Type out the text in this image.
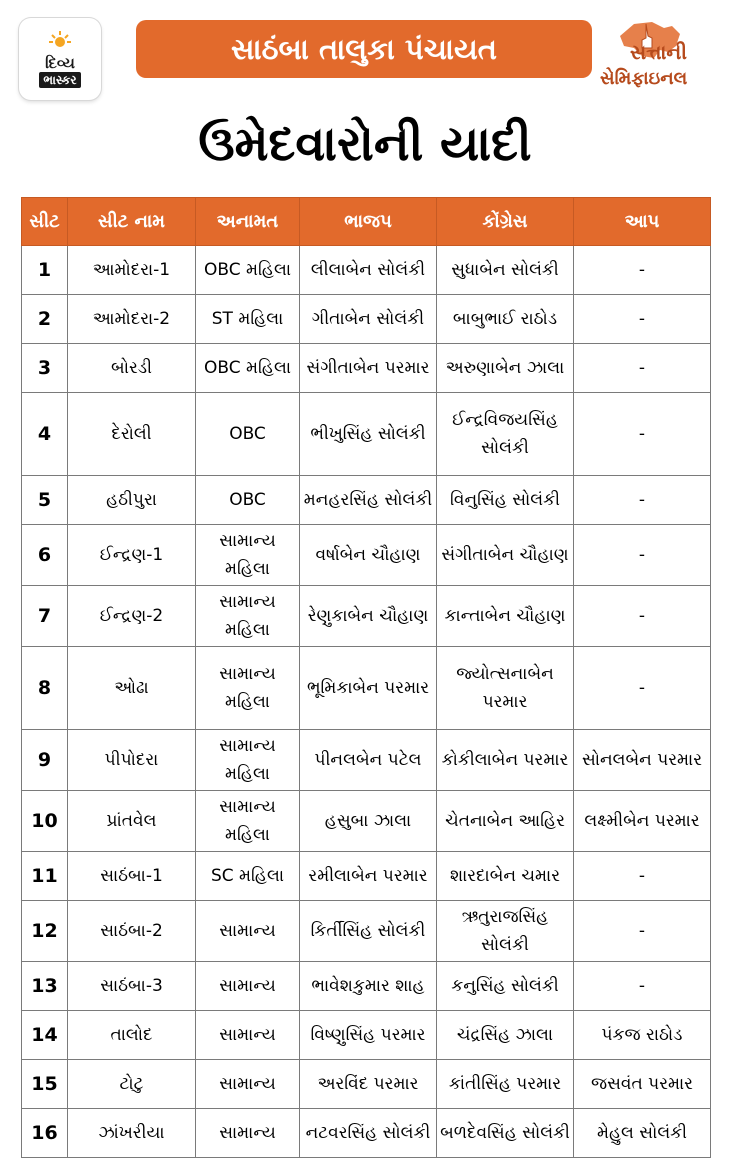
દિવ્ય
ભાસ્કર
સાઠંબા તાલુકા પંચાયત	સત્તાની
સેમિફાઇનલ
ઉમેદવારોની યાદી
સીટ	સીટ નામ	અનામત	ભાજપ	કોંગ્રેસ	આપ
1	આમોદરા-1	OBC મહિલા	લીલાબેન સોલંકી	સુધાબેન સોલંકી	-
2	આમોદરા-2	ST મહિલા	ગીતાબેન સોલંકી	બાબુભાઈ રાઠોડ	-
3	બોરડી	OBC મહિલા	સંગીતાબેન પરમાર	અરુણાબેન ઝાલા	-
4	દેરોલી	OBC	ભીખુસિંહ સોલંકી	ઈન્દ્રવિજયસિંહ સોલંકી	-
5	હઠીપુરા	OBC	મનહરસિંહ સોલંકી	વિનુસિંહ સોલંકી	-
6	ઈન્દ્રણ-1	સામાન્ય મહિલા	વર્ષાબેન ચૌહાણ	સંગીતાબેન ચૌહાણ	-
7	ઈન્દ્રણ-2	સામાન્ય મહિલા	રેણુકાબેન ચૌહાણ	કાન્તાબેન ચૌહાણ	-
8	ઓઢા	સામાન્ય મહિલા	ભૂમિકાબેન પરમાર	જ્યોત્સનાબેન પરમાર	-
9	પીપોદરા	સામાન્ય મહિલા	પીનલબેન પટેલ	કોકીલાબેન પરમાર	સોનલબેન પરમાર
10	પ્રાંતવેલ	સામાન્ય મહિલા	હસુબા ઝાલા	ચેતનાબેન આહિર	લક્ષ્મીબેન પરમાર
11	સાઠંબા-1	SC મહિલા	રમીલાબેન પરમાર	શારદાબેન ચમાર	-
12	સાઠંબા-2	સામાન્ય	કિર્તીસિંહ સોલંકી	ઋતુરાજસિંહ સોલંકી	-
13	સાઠંબા-3	સામાન્ય	ભાવેશકુમાર શાહ	કનુસિંહ સોલંકી	-
14	તાલોદ	સામાન્ય	વિષ્ણુસિંહ પરમાર	ચંદ્રસિંહ ઝાલા	પંકજ રાઠોડ
15	ટોટુ	સામાન્ય	અરવિંદ પરમાર	કાંતીસિંહ પરમાર	જસવંત પરમાર
16	ઝાંખરીયા	સામાન્ય	નટવરસિંહ સોલંકી	બળદેવસિંહ સોલંકી	મેહુલ સોલંકી
